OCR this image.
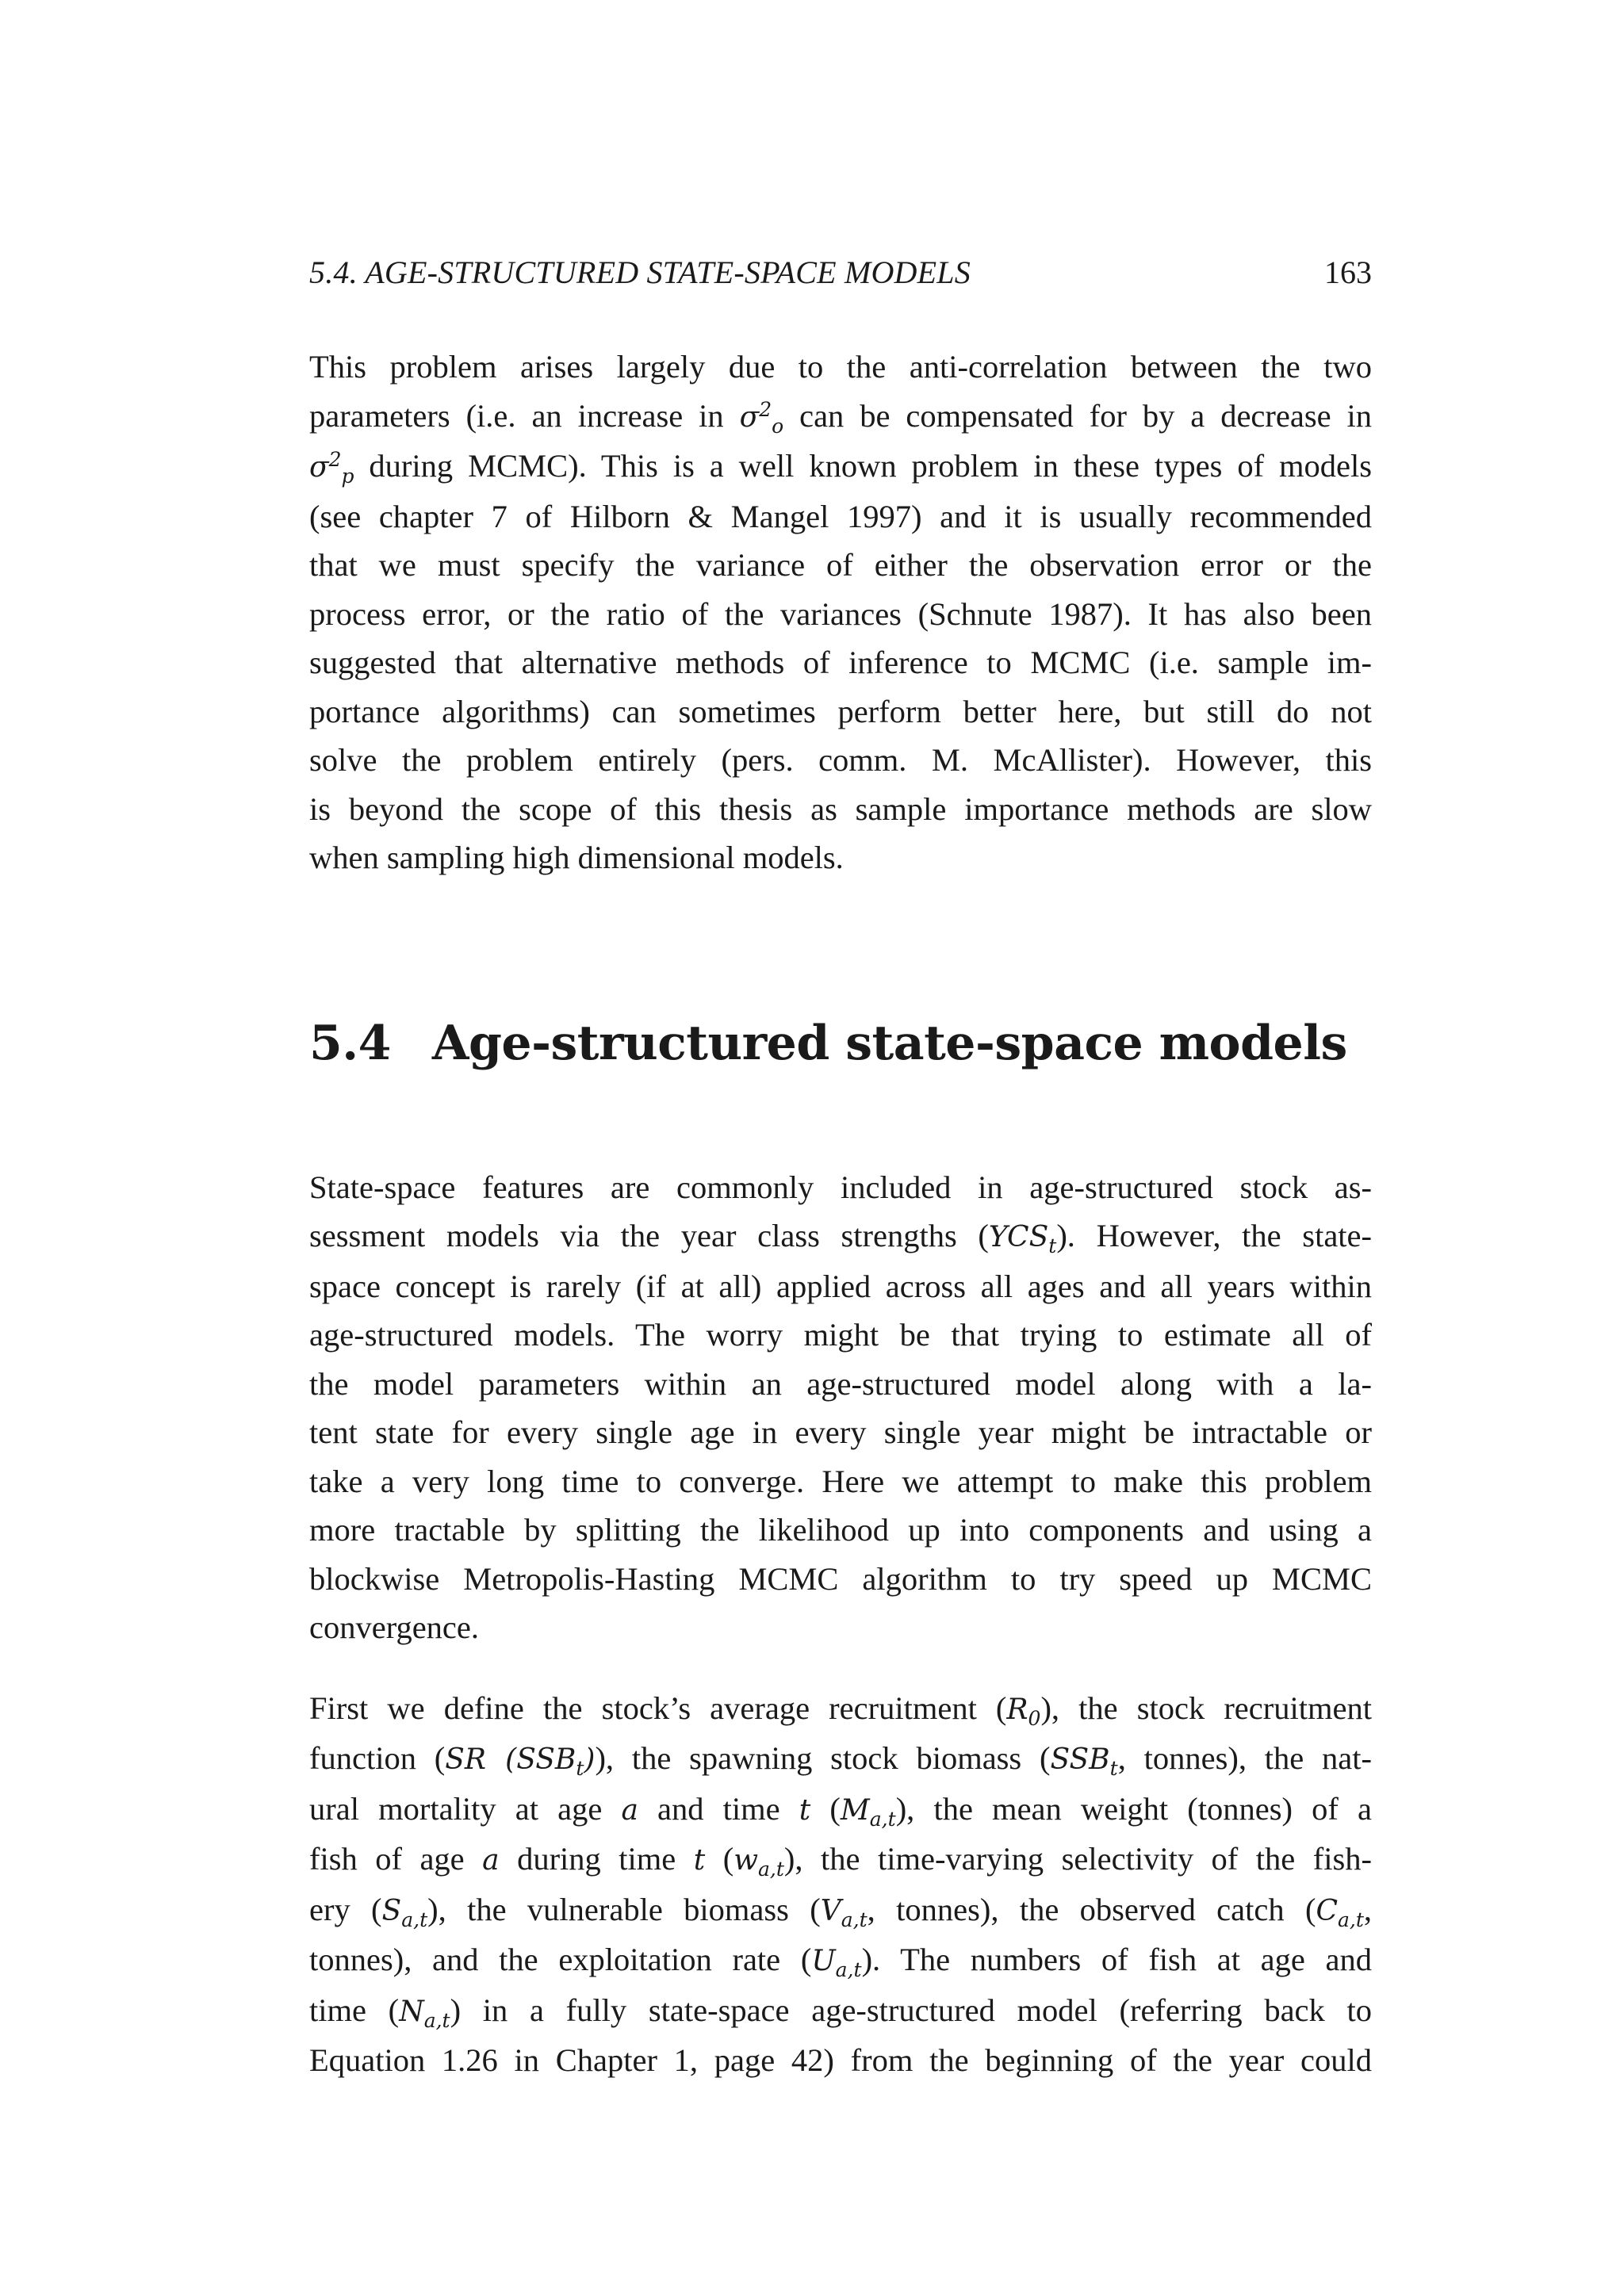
5.4. AGE-STRUCTURED STATE-SPACE MODELS	163

This problem arises largely due to the anti-correlation between the two
parameters (i.e. an increase in $\sigma^2_o$ can be compensated for by a decrease in
$\sigma^2_p$ during MCMC). This is a well known problem in these types of models
(see chapter 7 of Hilborn & Mangel 1997) and it is usually recommended
that we must specify the variance of either the observation error or the
process error, or the ratio of the variances (Schnute 1987). It has also been
suggested that alternative methods of inference to MCMC (i.e. sample im-
portance algorithms) can sometimes perform better here, but still do not
solve the problem entirely (pers. comm. M. McAllister). However, this
is beyond the scope of this thesis as sample importance methods are slow
when sampling high dimensional models.

5.4 Age-structured state-space models

State-space features are commonly included in age-structured stock as-
sessment models via the year class strengths $(YCS_t)$. However, the state-
space concept is rarely (if at all) applied across all ages and all years within
age-structured models. The worry might be that trying to estimate all of
the model parameters within an age-structured model along with a la-
tent state for every single age in every single year might be intractable or
take a very long time to converge. Here we attempt to make this problem
more tractable by splitting the likelihood up into components and using a
blockwise Metropolis-Hasting MCMC algorithm to try speed up MCMC
convergence.

First we define the stock’s average recruitment $(R_0)$, the stock recruitment
function (SR $(SSB_t)$), the spawning stock biomass ($SSB_t$, tonnes), the nat-
ural mortality at age a and time t $(M_{a,t})$, the mean weight (tonnes) of a
fish of age a during time t $(w_{a,t})$, the time-varying selectivity of the fish-
ery $(S_{a,t})$, the vulnerable biomass ($V_{a,t}$, tonnes), the observed catch ($C_{a,t}$,
tonnes), and the exploitation rate $(U_{a,t})$. The numbers of fish at age and
time $(N_{a,t})$ in a fully state-space age-structured model (referring back to
Equation 1.26 in Chapter 1, page 42) from the beginning of the year could
